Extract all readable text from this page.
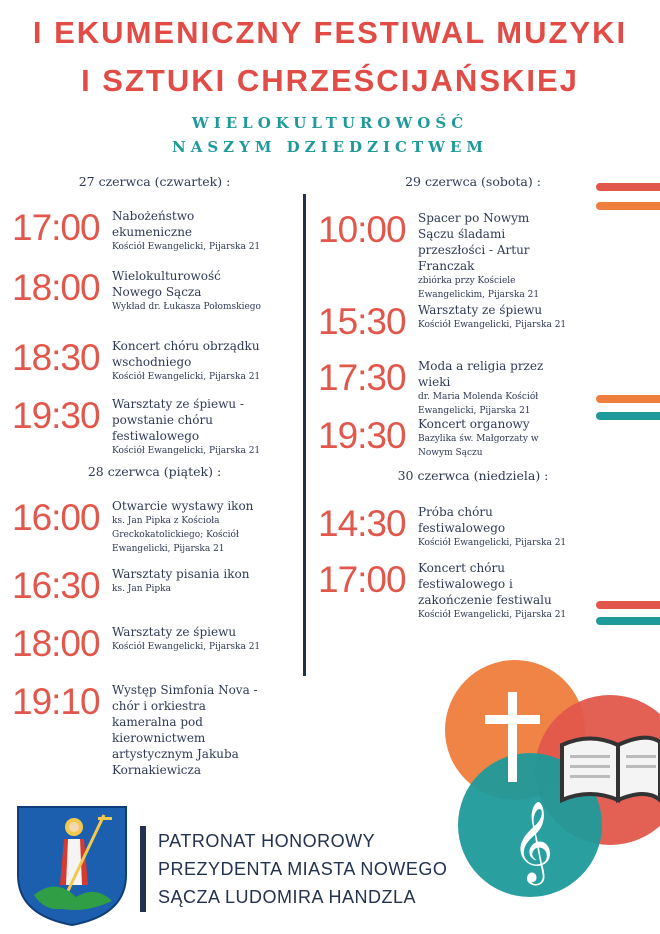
I EKUMENICZNY FESTIWAL MUZYKI
I SZTUKI CHRZEŚCIJAŃSKIEJ
WIELOKULTUROWOŚĆ
NASZYM DZIEDZICTWEM
27 czerwca (czwartek) :
17:00	Nabożeństwo ekumeniczne
Kościół Ewangelicki, Pijarska 21
18:00	Wielokulturowość Nowego Sącza
Wykład dr. Łukasza Połomskiego
18:30	Koncert chóru obrządku wschodniego
Kościół Ewangelicki, Pijarska 21
19:30	Warsztaty ze śpiewu - powstanie chóru festiwalowego
Kościół Ewangelicki, Pijarska 21
28 czerwca (piątek) :
16:00	Otwarcie wystawy ikon
ks. Jan Pipka z Kościoła Greckokatolickiego; Kościół Ewangelicki, Pijarska 21
16:30	Warsztaty pisania ikon
ks. Jan Pipka
18:00	Warsztaty ze śpiewu
Kościół Ewangelicki, Pijarska 21
19:10	Występ Simfonia Nova - chór i orkiestra kameralna pod kierownictwem artystycznym Jakuba Kornakiewicza
29 czerwca (sobota) :
10:00	Spacer po Nowym Sączu śladami przeszłości - Artur Franczak
zbiórka przy Kościele Ewangelickim, Pijarska 21
15:30	Warsztaty ze śpiewu
Kościół Ewangelicki, Pijarska 21
17:30	Moda a religia przez wieki
dr. Maria Molenda Kościół Ewangelicki, Pijarska 21
19:30	Koncert organowy
Bazylika św. Małgorzaty w Nowym Sączu
30 czerwca (niedziela) :
14:30	Próba chóru festiwalowego
Kościół Ewangelicki, Pijarska 21
17:00	Koncert chóru festiwalowego i zakończenie festiwalu
Kościół Ewangelicki, Pijarska 21
𝄞
PATRONAT HONOROWY
PREZYDENTA MIASTA NOWEGO
SĄCZA LUDOMIRA HANDZLA
